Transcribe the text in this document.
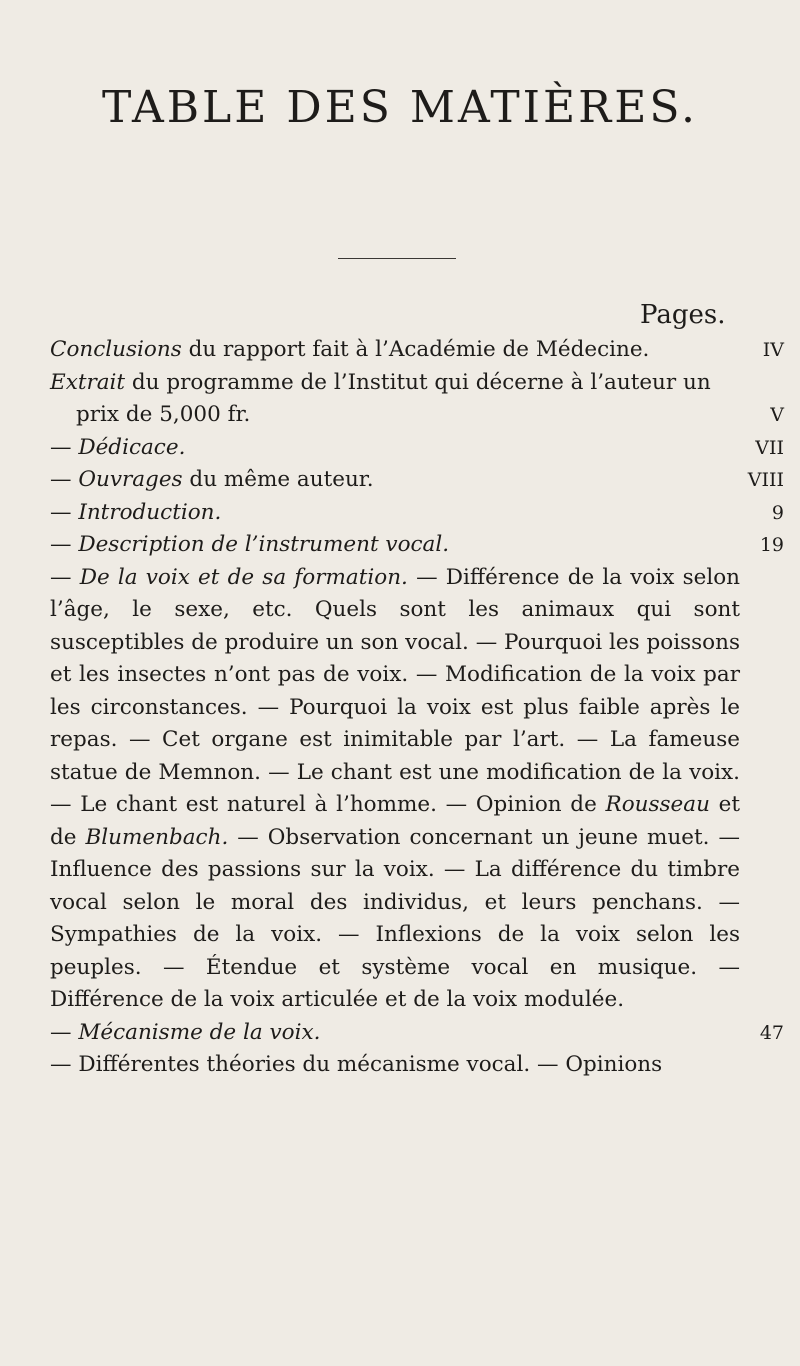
TABLE DES MATIÈRES.
Pages.
Conclusions du rapport fait à l’Académie de Médecine.	IV
Extrait du programme de l’Institut qui décerne à l’auteur un prix de 5,000 fr.	V
— Dédicace.	VII
— Ouvrages du même auteur.	VIII
— Introduction.	9
— Description de l’instrument vocal.	19
— De la voix et de sa formation. — Différence de la voix selon l’âge, le sexe, etc. Quels sont les animaux qui sont susceptibles de produire un son vocal. — Pourquoi les poissons et les insectes n’ont pas de voix. — Modification de la voix par les circonstances. — Pourquoi la voix est plus faible après le repas. — Cet organe est inimitable par l’art. — La fameuse statue de Memnon. — Le chant est une modification de la voix. — Le chant est naturel à l’homme. — Opinion de Rousseau et de Blumenbach. — Observation concernant un jeune muet. — Influence des passions sur la voix. — La différence du timbre vocal selon le moral des individus, et leurs penchans. — Sympathies de la voix. — Inflexions de la voix selon les peuples. — Étendue et système vocal en musique. — Différence de la voix articulée et de la voix modulée.
— Mécanisme de la voix.	47
— Différentes théories du mécanisme vocal. — Opinions
